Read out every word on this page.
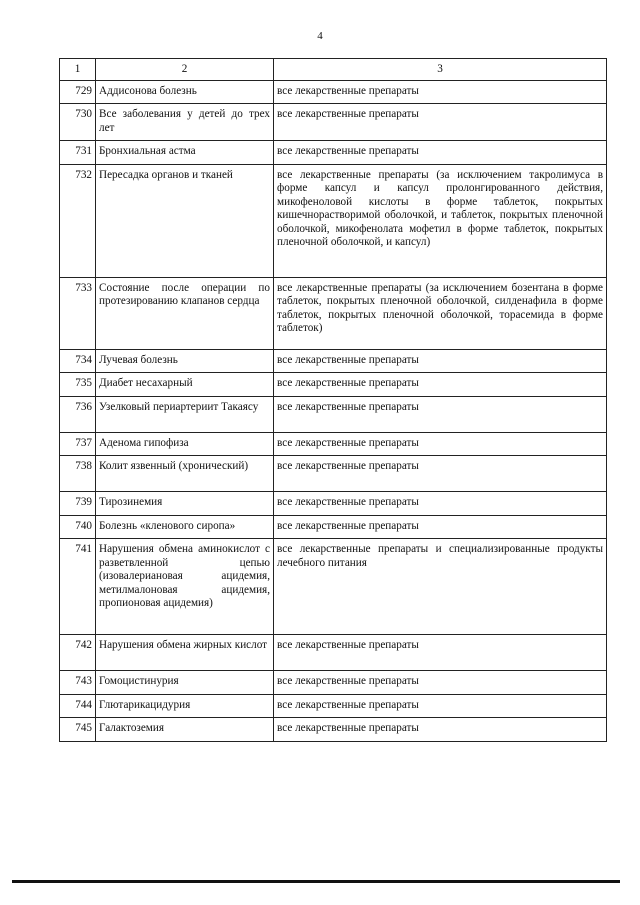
4
1	2	3
729	Аддисонова болезнь	все лекарственные препараты
730	Все заболевания у детей до трех лет	все лекарственные препараты
731	Бронхиальная астма	все лекарственные препараты
732	Пересадка органов и тканей	все лекарственные препараты (за исключением такролимуса в форме капсул и капсул пролонгированного действия, микофеноловой кислоты в форме таблеток, покрытых кишечнорастворимой оболочкой, и таблеток, покрытых пленочной оболочкой, микофенолата мофетил в форме таблеток, покрытых пленочной оболочкой, и капсул)
733	Состояние после операции по протезированию клапанов сердца	все лекарственные препараты (за исключением бозентана в форме таблеток, покрытых пленочной оболочкой, силденафила в форме таблеток, покрытых пленочной оболочкой, торасемида в форме таблеток)
734	Лучевая болезнь	все лекарственные препараты
735	Диабет несахарный	все лекарственные препараты
736	Узелковый периартериит Такаясу	все лекарственные препараты
737	Аденома гипофиза	все лекарственные препараты
738	Колит язвенный (хронический)	все лекарственные препараты
739	Тирозинемия	все лекарственные препараты
740	Болезнь «кленового сиропа»	все лекарственные препараты
741	Нарушения обмена аминокислот с разветвленной цепью (изовалериановая ацидемия, метилмалоновая ацидемия, пропионовая ацидемия)	все лекарственные препараты и специализированные продукты лечебного питания
742	Нарушения обмена жирных кислот	все лекарственные препараты
743	Гомоцистинурия	все лекарственные препараты
744	Глютарикацидурия	все лекарственные препараты
745	Галактоземия	все лекарственные препараты
